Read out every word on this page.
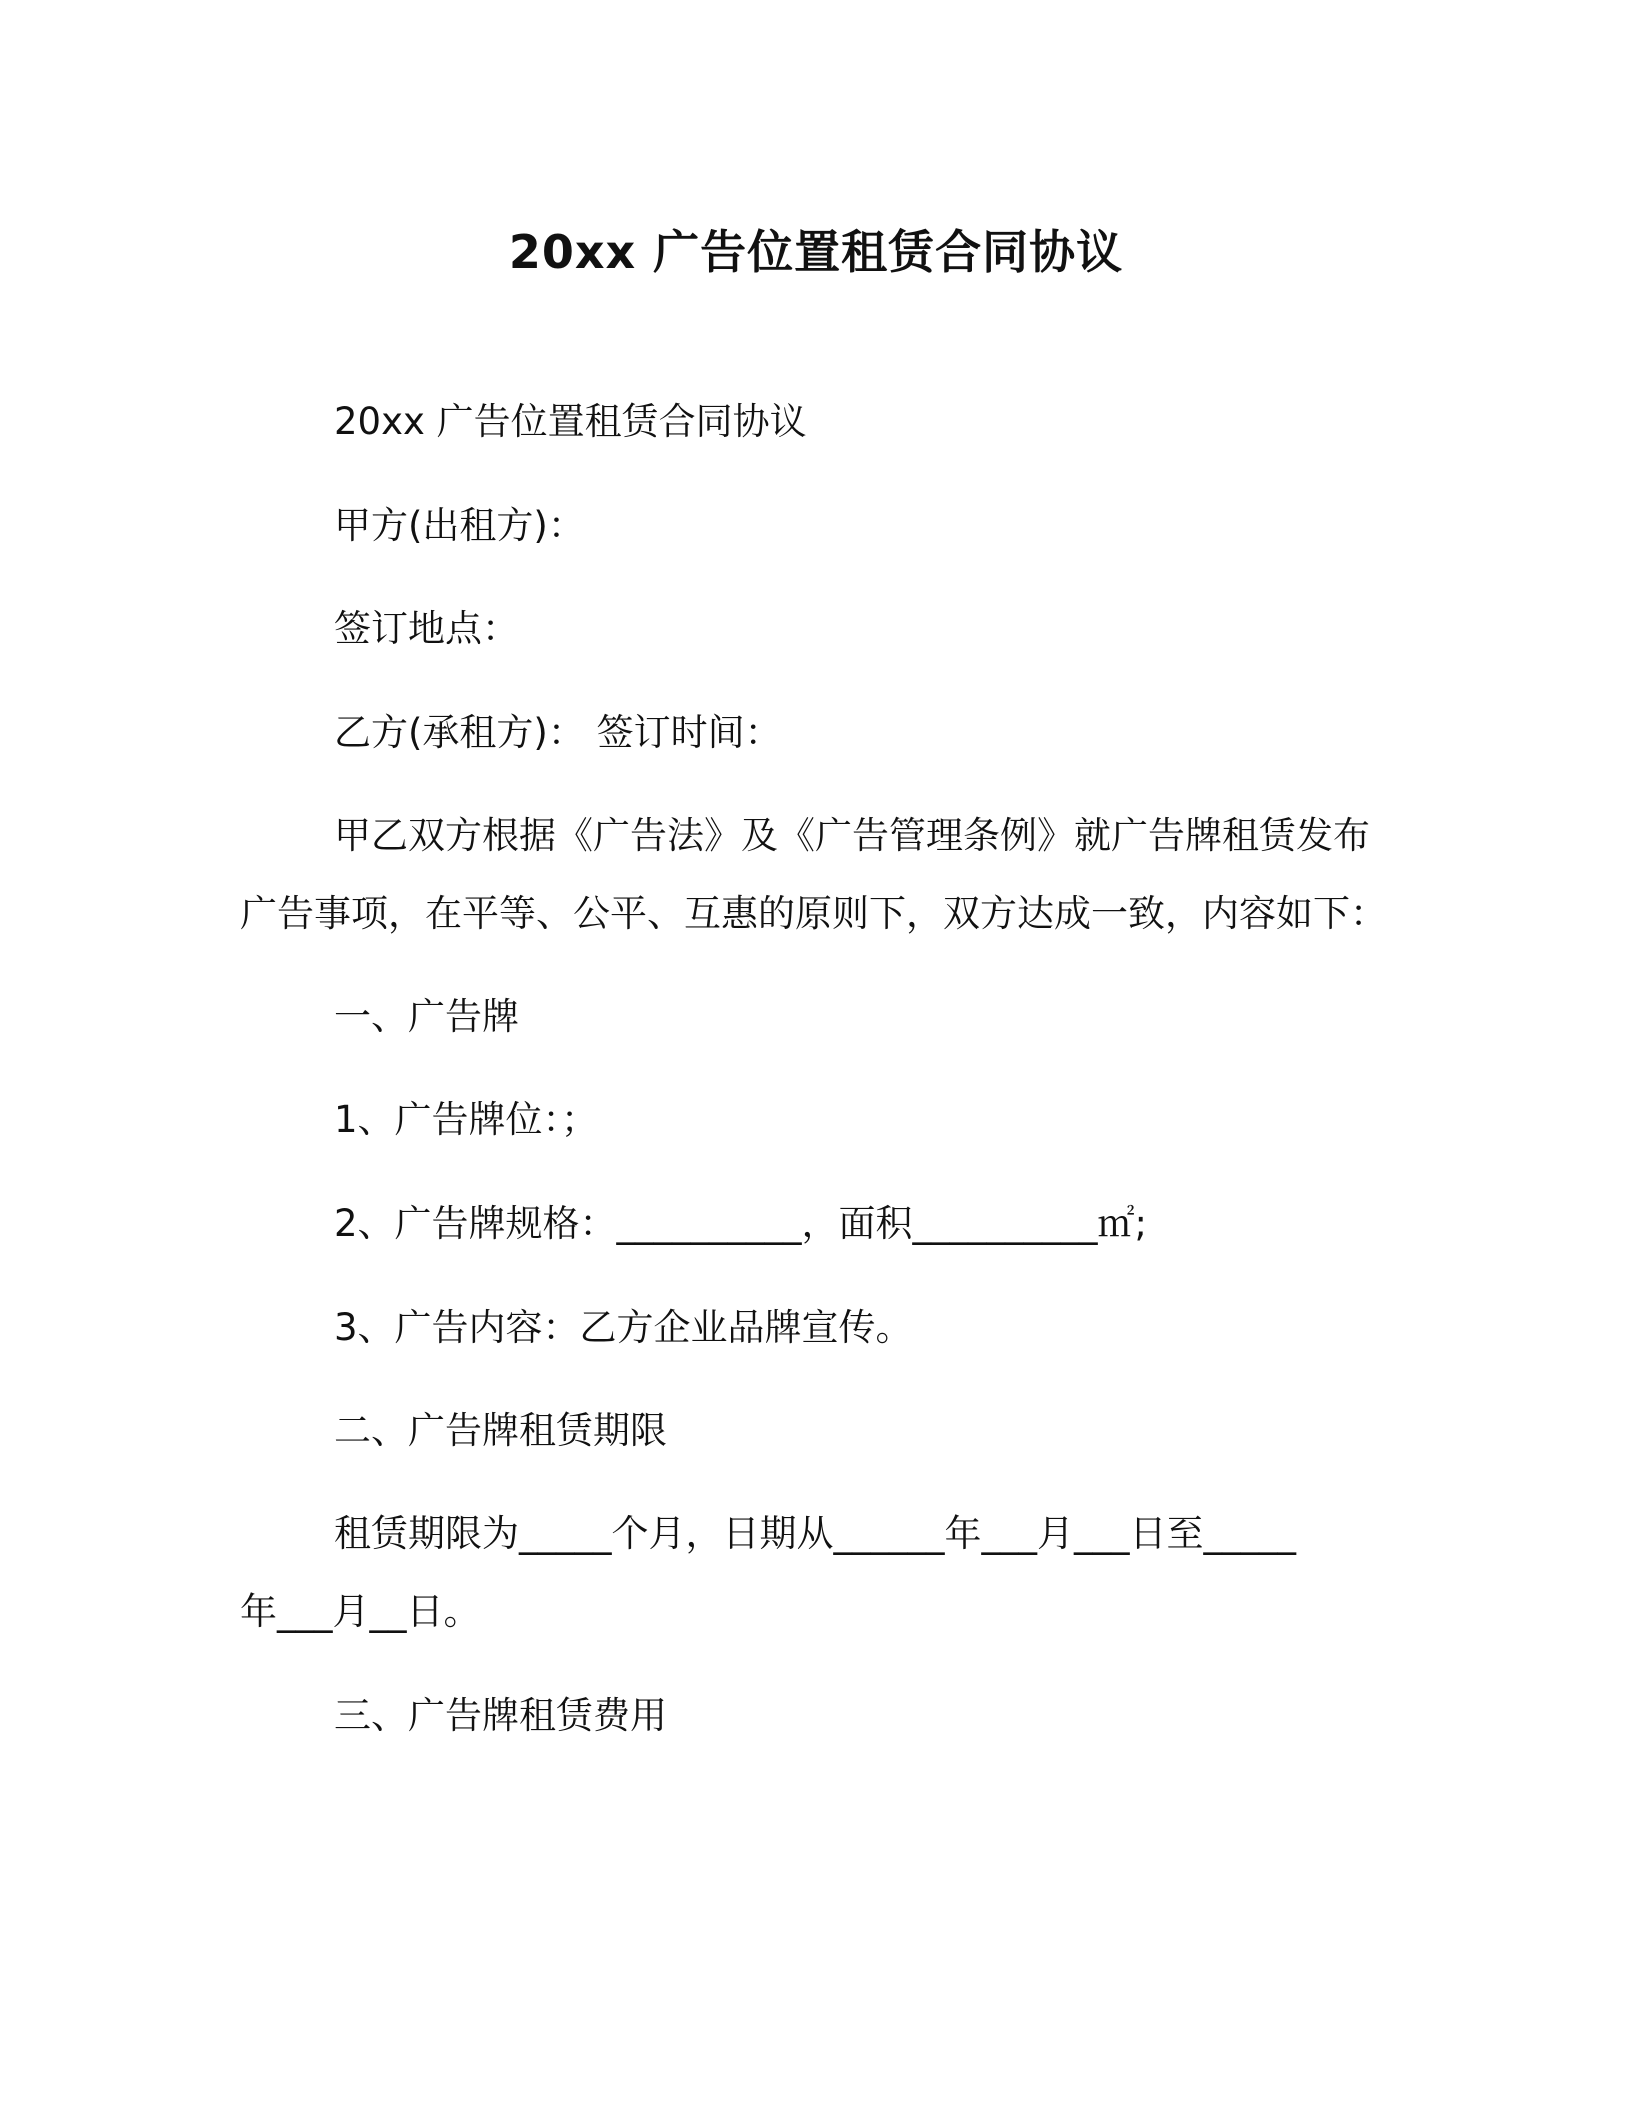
20xx 广告位置租赁合同协议
20xx 广告位置租赁合同协议
甲方(出租方)：
签订地点：
乙方(承租方)： 签订时间：
甲乙双方根据《广告法》及《广告管理条例》就广告牌租赁发布
广告事项，在平等、公平、互惠的原则下，双方达成一致，内容如下：
一、广告牌
1、广告牌位：；
2、广告牌规格：__________，面积__________㎡;
3、广告内容：乙方企业品牌宣传。
二、广告牌租赁期限
租赁期限为_____个月，日期从______年___月___日至_____
年___月__日。
三、广告牌租赁费用
